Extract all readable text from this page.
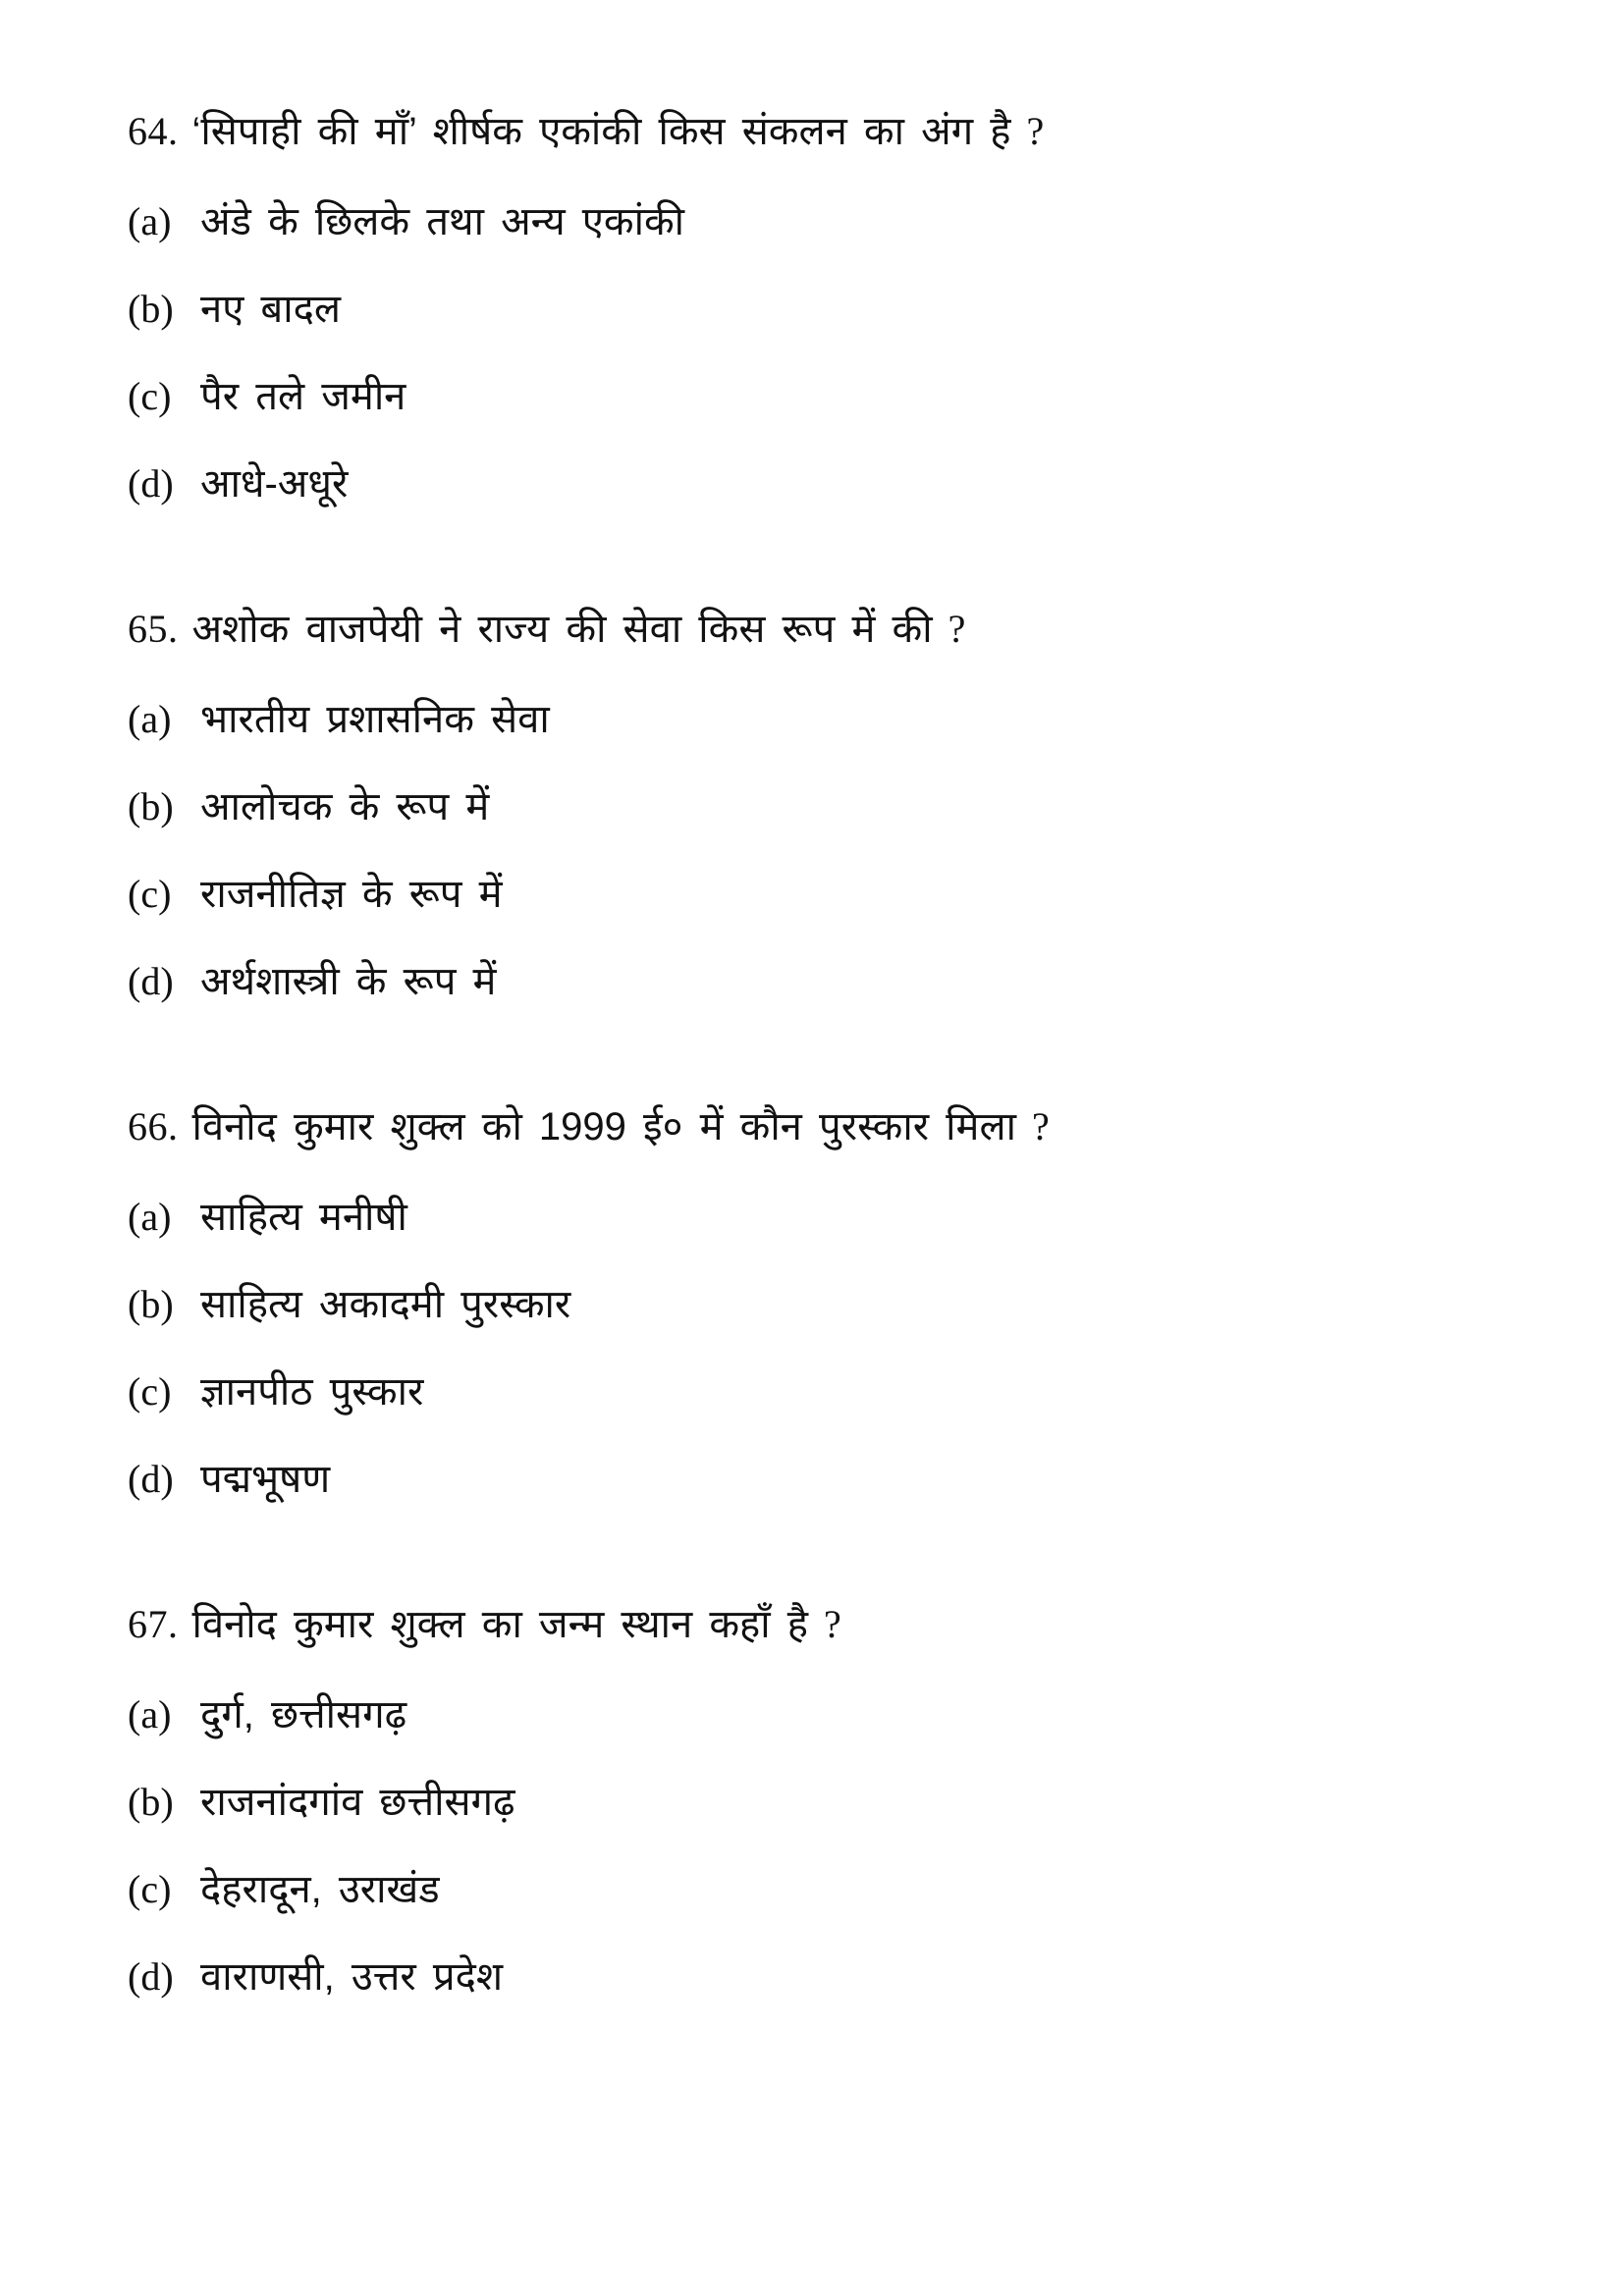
64. ‘सिपाही की माँ’ शीर्षक एकांकी किस संकलन का अंग है ?
(a) अंडे के छिलके तथा अन्य एकांकी
(b) नए बादल
(c) पैर तले जमीन
(d) आधे-अधूरे
65. अशोक वाजपेयी ने राज्य की सेवा किस रूप में की ?
(a) भारतीय प्रशासनिक सेवा
(b) आलोचक के रूप में
(c) राजनीतिज्ञ के रूप में
(d) अर्थशास्त्री के रूप में
66. विनोद कुमार शुक्ल को 1999 ई० में कौन पुरस्कार मिला ?
(a) साहित्य मनीषी
(b) साहित्य अकादमी पुरस्कार
(c) ज्ञानपीठ पुस्कार
(d) पद्मभूषण
67. विनोद कुमार शुक्ल का जन्म स्थान कहाँ है ?
(a) दुर्ग, छत्तीसगढ़
(b) राजनांदगांव छत्तीसगढ़
(c) देहरादून, उराखंड
(d) वाराणसी, उत्तर प्रदेश
